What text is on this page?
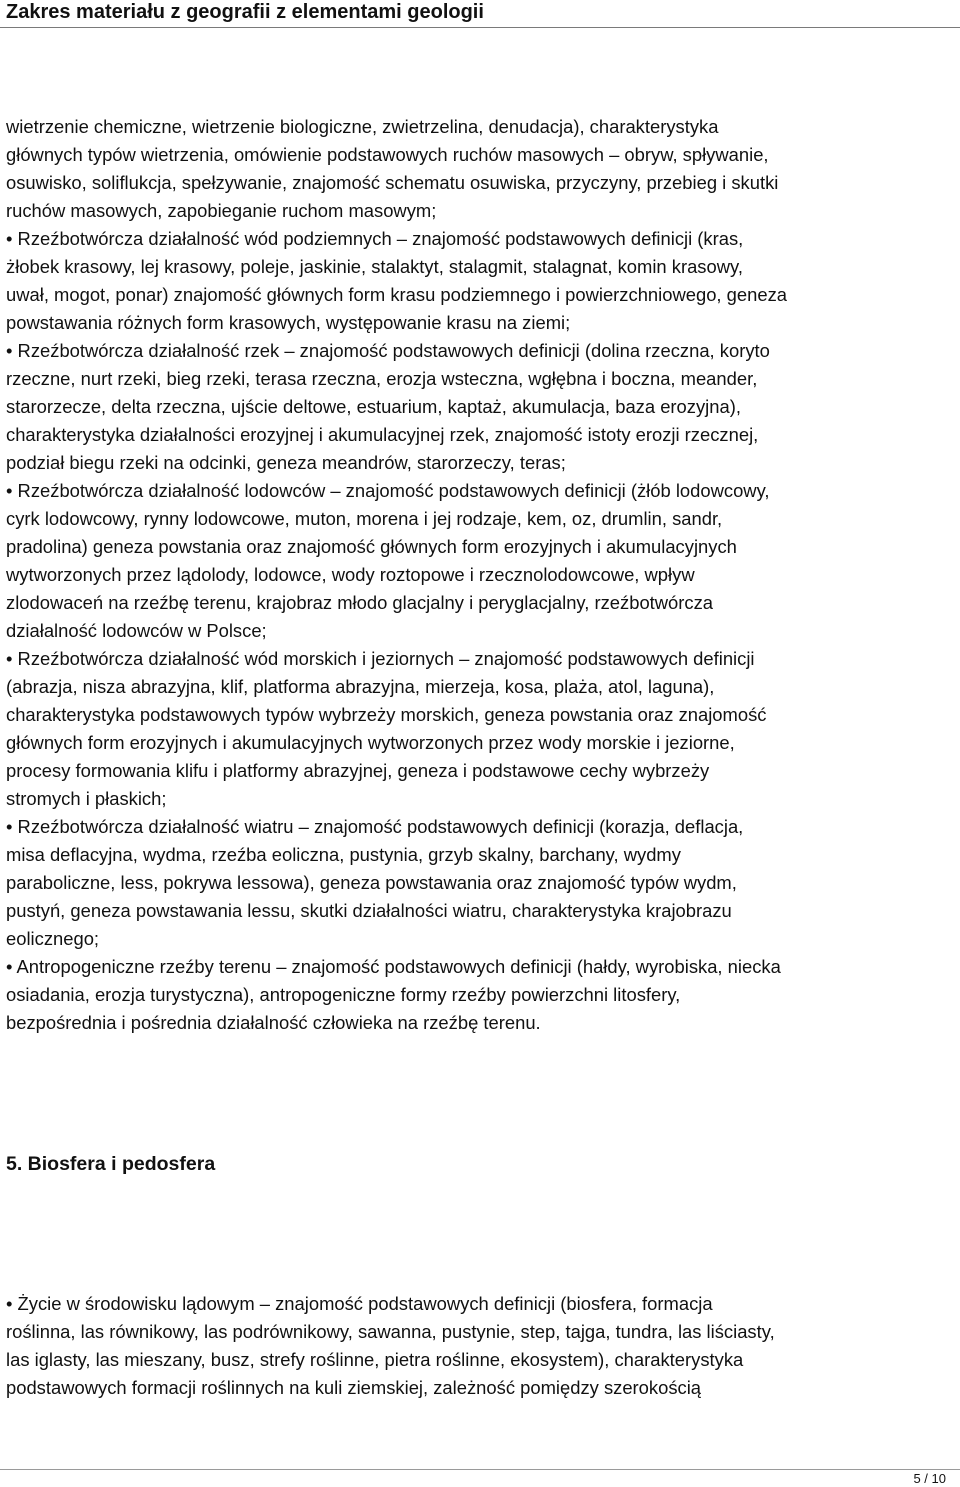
Zakres materiału z geografii z elementami geologii
wietrzenie chemiczne, wietrzenie biologiczne, zwietrzelina, denudacja), charakterystyka
głównych typów wietrzenia, omówienie podstawowych ruchów masowych – obryw, spływanie,
osuwisko, soliflukcja, spełzywanie, znajomość schematu osuwiska, przyczyny, przebieg i skutki
ruchów masowych, zapobieganie ruchom masowym;
• Rzeźbotwórcza działalność wód podziemnych – znajomość podstawowych definicji (kras,
żłobek krasowy, lej krasowy, poleje, jaskinie, stalaktyt, stalagmit, stalagnat, komin krasowy,
uwał, mogot, ponar) znajomość głównych form krasu podziemnego i powierzchniowego, geneza
powstawania różnych form krasowych, występowanie krasu na ziemi;
• Rzeźbotwórcza działalność rzek – znajomość podstawowych definicji (dolina rzeczna, koryto
rzeczne, nurt rzeki, bieg rzeki, terasa rzeczna, erozja wsteczna, wgłębna i boczna, meander,
starorzecze, delta rzeczna, ujście deltowe, estuarium, kaptaż, akumulacja, baza erozyjna),
charakterystyka działalności erozyjnej i akumulacyjnej rzek, znajomość istoty erozji rzecznej,
podział biegu rzeki na odcinki, geneza meandrów, starorzeczy, teras;
• Rzeźbotwórcza działalność lodowców – znajomość podstawowych definicji (żłób lodowcowy,
cyrk lodowcowy, rynny lodowcowe, muton, morena i jej rodzaje, kem, oz, drumlin, sandr,
pradolina) geneza powstania oraz znajomość głównych form erozyjnych i akumulacyjnych
wytworzonych przez lądolody, lodowce, wody roztopowe i rzecznolodowcowe, wpływ
zlodowaceń na rzeźbę terenu, krajobraz młodo glacjalny i peryglacjalny, rzeźbotwórcza
działalność lodowców w Polsce;
• Rzeźbotwórcza działalność wód morskich i jeziornych – znajomość podstawowych definicji
(abrazja, nisza abrazyjna, klif, platforma abrazyjna, mierzeja, kosa, plaża, atol, laguna),
charakterystyka podstawowych typów wybrzeży morskich, geneza powstania oraz znajomość
głównych form erozyjnych i akumulacyjnych wytworzonych przez wody morskie i jeziorne,
procesy formowania klifu i platformy abrazyjnej, geneza i podstawowe cechy wybrzeży
stromych i płaskich;
• Rzeźbotwórcza działalność wiatru – znajomość podstawowych definicji (korazja, deflacja,
misa deflacyjna, wydma, rzeźba eoliczna, pustynia, grzyb skalny, barchany, wydmy
paraboliczne, less, pokrywa lessowa), geneza powstawania oraz znajomość typów wydm,
pustyń, geneza powstawania lessu, skutki działalności wiatru, charakterystyka krajobrazu
eolicznego;
• Antropogeniczne rzeźby terenu – znajomość podstawowych definicji (hałdy, wyrobiska, niecka
osiadania, erozja turystyczna), antropogeniczne formy rzeźby powierzchni litosfery,
bezpośrednia i pośrednia działalność człowieka na rzeźbę terenu.
5. Biosfera i pedosfera
• Życie w środowisku lądowym – znajomość podstawowych definicji (biosfera, formacja
roślinna, las równikowy, las podrównikowy, sawanna, pustynie, step, tajga, tundra, las liściasty,
las iglasty, las mieszany, busz, strefy roślinne, pietra roślinne, ekosystem), charakterystyka
podstawowych formacji roślinnych na kuli ziemskiej, zależność pomiędzy szerokością
5 / 10
